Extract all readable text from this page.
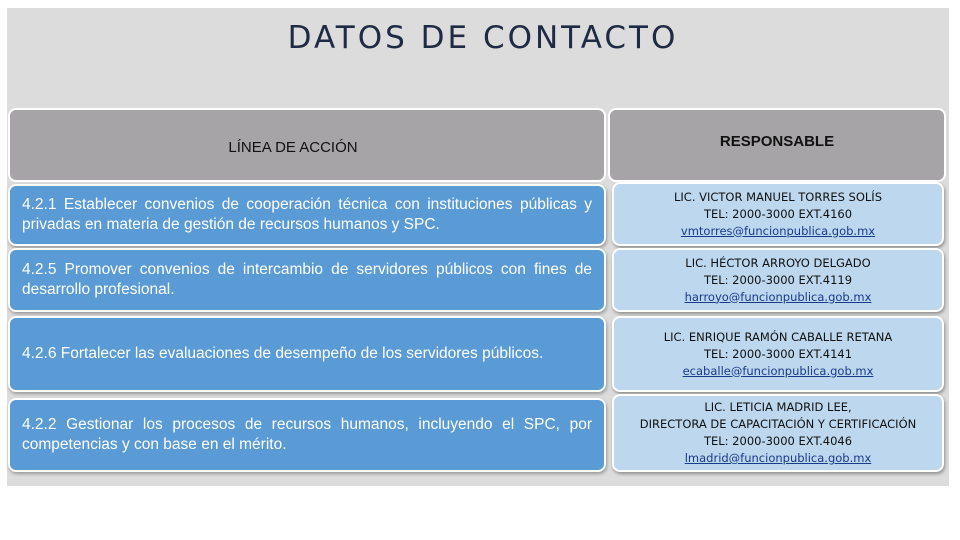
DATOS DE CONTACTO
LÍNEA DE ACCIÓN	RESPONSABLE
4.2.1 Establecer convenios de cooperación técnica con instituciones públicas y privadas en materia de gestión de recursos humanos y SPC.
LIC. VICTOR MANUEL TORRES SOLÍS
TEL: 2000-3000 EXT.4160
vmtorres@funcionpublica.gob.mx
4.2.5 Promover convenios de intercambio de servidores públicos con fines de desarrollo profesional.
LIC. HÉCTOR ARROYO DELGADO
TEL: 2000-3000 EXT.4119
harroyo@funcionpublica.gob.mx
4.2.6 Fortalecer las evaluaciones de desempeño de los servidores públicos.
LIC. ENRIQUE RAMÓN CABALLE RETANA
TEL: 2000-3000 EXT.4141
ecaballe@funcionpublica.gob.mx
4.2.2 Gestionar los procesos de recursos humanos, incluyendo el SPC, por competencias y con base en el mérito.
LIC. LETICIA MADRID LEE,
DIRECTORA DE CAPACITACIÓN Y CERTIFICACIÓN
TEL: 2000-3000 EXT.4046
lmadrid@funcionpublica.gob.mx
